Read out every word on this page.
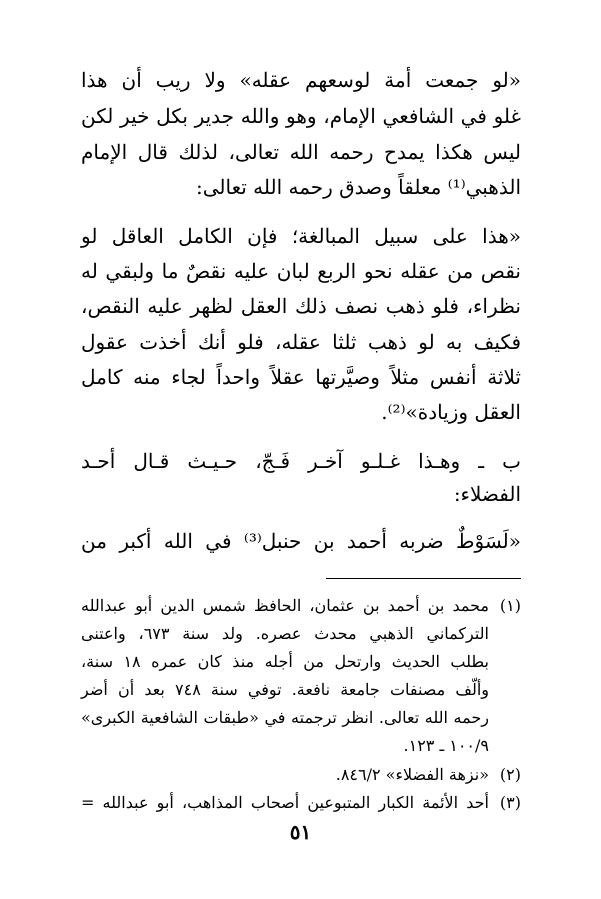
«لو جمعت أمة لوسعهم عقله» ولا ريب أن هذا
غلو في الشافعي الإمام، وهو والله جدير بكل خير لكن
ليس هكذا يمدح رحمه الله تعالى، لذلك قال الإمام
الذهبي⁽¹⁾ معلقاً وصدق رحمه الله تعالى:
«هذا على سبيل المبالغة؛ فإن الكامل العاقل لو
نقص من عقله نحو الربع لبان عليه نقصٌ ما ولبقي له
نظراء، فلو ذهب نصف ذلك العقل لظهر عليه النقص،
فكيف به لو ذهب ثلثا عقله، فلو أنك أخذت عقول
ثلاثة أنفس مثلاً وصيَّرتها عقلاً واحداً لجاء منه كامل
العقل وزيادة»⁽²⁾.
ب ـ وهـذا غـلـو آخـر فَـجّ، حـيـث قـال أحـد
الفضلاء:
«لَسَوْطٌ ضربه أحمد بن حنبل⁽³⁾ في الله أكبر من
(١)
محمد بن أحمد بن عثمان، الحافظ شمس الدين أبو عبدالله
التركماني الذهبي محدث عصره. ولد سنة ٦٧٣، واعتنى
بطلب الحديث وارتحل من أجله منذ كان عمره ١٨ سنة،
وألّف مصنفات جامعة نافعة. توفي سنة ٧٤٨ بعد أن أضر
رحمه الله تعالى. انظر ترجمته في «طبقات الشافعية الكبرى»
١٠٠/٩ ـ ١٢٣.
(٢)
«نزهة الفضلاء» ٨٤٦/٢.
(٣)
أحد الأئمة الكبار المتبوعين أصحاب المذاهب، أبو عبدالله =
٥١
